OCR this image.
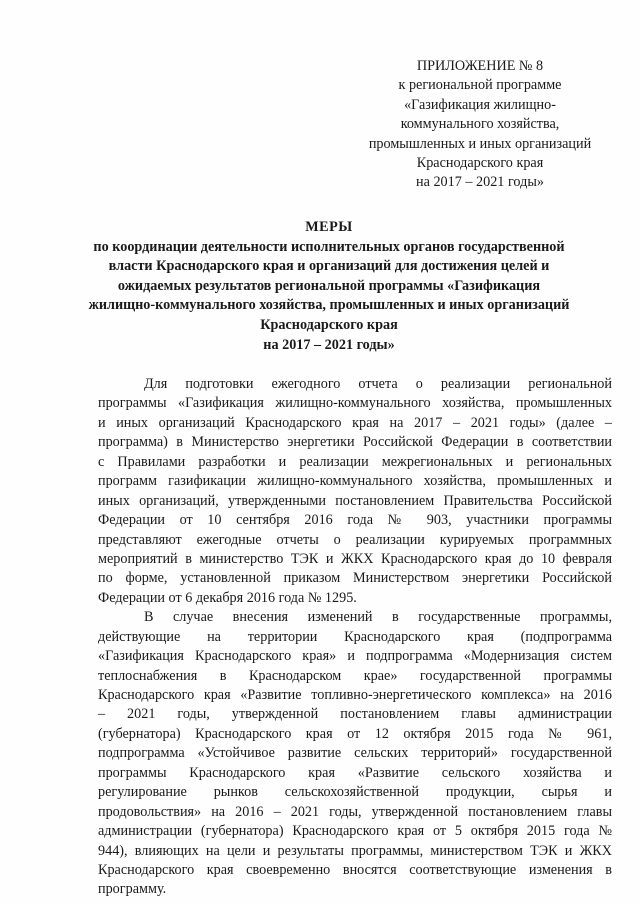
ПРИЛОЖЕНИЕ № 8
к региональной программе
«Газификация жилищно-
коммунального хозяйства,
промышленных и иных организаций
Краснодарского края
на 2017 – 2021 годы»
МЕРЫ
по координации деятельности исполнительных органов государственной
власти Краснодарского края и организаций для достижения целей и
ожидаемых результатов региональной программы «Газификация
жилищно-коммунального хозяйства, промышленных и иных организаций
Краснодарского края
на 2017 – 2021 годы»
Для подготовки ежегодного отчета о реализации региональной
программы «Газификация жилищно-коммунального хозяйства, промышленных
и иных организаций Краснодарского края на 2017 – 2021 годы» (далее –
программа) в Министерство энергетики Российской Федерации в соответствии
с Правилами разработки и реализации межрегиональных и региональных
программ газификации жилищно-коммунального хозяйства, промышленных и
иных организаций, утвержденными постановлением Правительства Российской
Федерации от 10 сентября 2016 года № 903, участники программы
представляют ежегодные отчеты о реализации курируемых программных
мероприятий в министерство ТЭК и ЖКХ Краснодарского края до 10 февраля
по форме, установленной приказом Министерством энергетики Российской
Федерации от 6 декабря 2016 года № 1295.
В случае внесения изменений в государственные программы,
действующие на территории Краснодарского края (подпрограмма
«Газификация Краснодарского края» и подпрограмма «Модернизация систем
теплоснабжения в Краснодарском крае» государственной программы
Краснодарского края «Развитие топливно-энергетического комплекса» на 2016
– 2021 годы, утвержденной постановлением главы администрации
(губернатора) Краснодарского края от 12 октября 2015 года № 961,
подпрограмма «Устойчивое развитие сельских территорий» государственной
программы Краснодарского края «Развитие сельского хозяйства и
регулирование рынков сельскохозяйственной продукции, сырья и
продовольствия» на 2016 – 2021 годы, утвержденной постановлением главы
администрации (губернатора) Краснодарского края от 5 октября 2015 года №
944), влияющих на цели и результаты программы, министерством ТЭК и ЖКХ
Краснодарского края своевременно вносятся соответствующие изменения в
программу.
